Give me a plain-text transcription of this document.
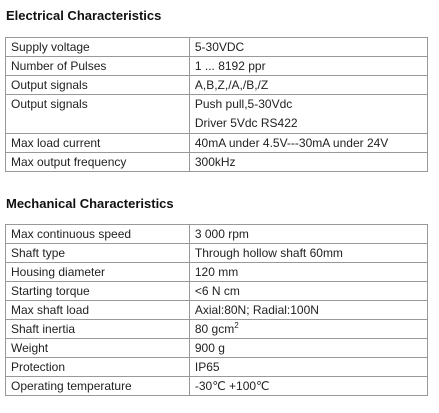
Electrical Characteristics
Supply voltage	5-30VDC
Number of Pulses	1 ... 8192 ppr
Output signals	A,B,Z,/A,/B,/Z
Output signals	Push pull,5-30Vdc
Driver 5Vdc RS422

Max load current	40mA under 4.5V---30mA under 24V
Max output frequency	300kHz
Mechanical Characteristics
Max continuous speed	3 000 rpm
Shaft type	Through hollow shaft 60mm
Housing diameter	120 mm
Starting torque	<6 N cm
Max shaft load	Axial:80N; Radial:100N
Shaft inertia	80 gcm$^2$
Weight	900 g
Protection	IP65
Operating temperature	-30℃ +100℃
